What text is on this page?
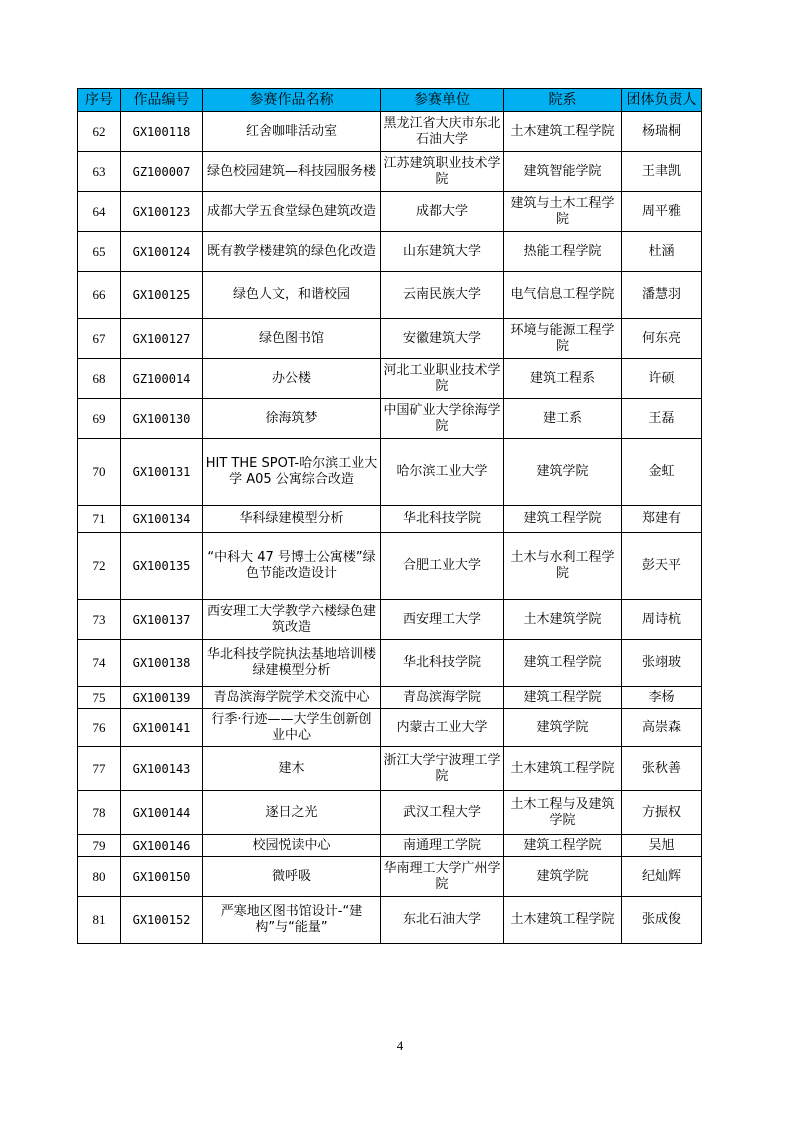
序号	作品编号	参赛作品名称	参赛单位	院系	团体负责人
62	GX100118	红舍咖啡活动室	黑龙江省大庆市东北石油大学	土木建筑工程学院	杨瑞桐
63	GZ100007	绿色校园建筑—科技园服务楼	江苏建筑职业技术学院	建筑智能学院	王聿凯
64	GX100123	成都大学五食堂绿色建筑改造	成都大学	建筑与土木工程学院	周平雅
65	GX100124	既有教学楼建筑的绿色化改造	山东建筑大学	热能工程学院	杜涵
66	GX100125	绿色人文，和谐校园	云南民族大学	电气信息工程学院	潘慧羽
67	GX100127	绿色图书馆	安徽建筑大学	环境与能源工程学院	何东亮
68	GZ100014	办公楼	河北工业职业技术学院	建筑工程系	许硕
69	GX100130	徐海筑梦	中国矿业大学徐海学院	建工系	王磊
70	GX100131	HIT THE SPOT-哈尔滨工业大学 A05 公寓综合改造	哈尔滨工业大学	建筑学院	金虹
71	GX100134	华科绿建模型分析	华北科技学院	建筑工程学院	郑建有
72	GX100135	“中科大 47 号博士公寓楼”绿色节能改造设计	合肥工业大学	土木与水利工程学院	彭天平
73	GX100137	西安理工大学教学六楼绿色建筑改造	西安理工大学	土木建筑学院	周诗杭
74	GX100138	华北科技学院执法基地培训楼绿建模型分析	华北科技学院	建筑工程学院	张翊玻
75	GX100139	青岛滨海学院学术交流中心	青岛滨海学院	建筑工程学院	李杨
76	GX100141	行季·行迹——大学生创新创业中心	内蒙古工业大学	建筑学院	高崇森
77	GX100143	建木	浙江大学宁波理工学院	土木建筑工程学院	张秋善
78	GX100144	逐日之光	武汉工程大学	土木工程与及建筑学院	方振权
79	GX100146	校园悦读中心	南通理工学院	建筑工程学院	吴旭
80	GX100150	微呼吸	华南理工大学广州学院	建筑学院	纪灿辉
81	GX100152	严寒地区图书馆设计-“建构”与“能量”	东北石油大学	土木建筑工程学院	张成俊
4
